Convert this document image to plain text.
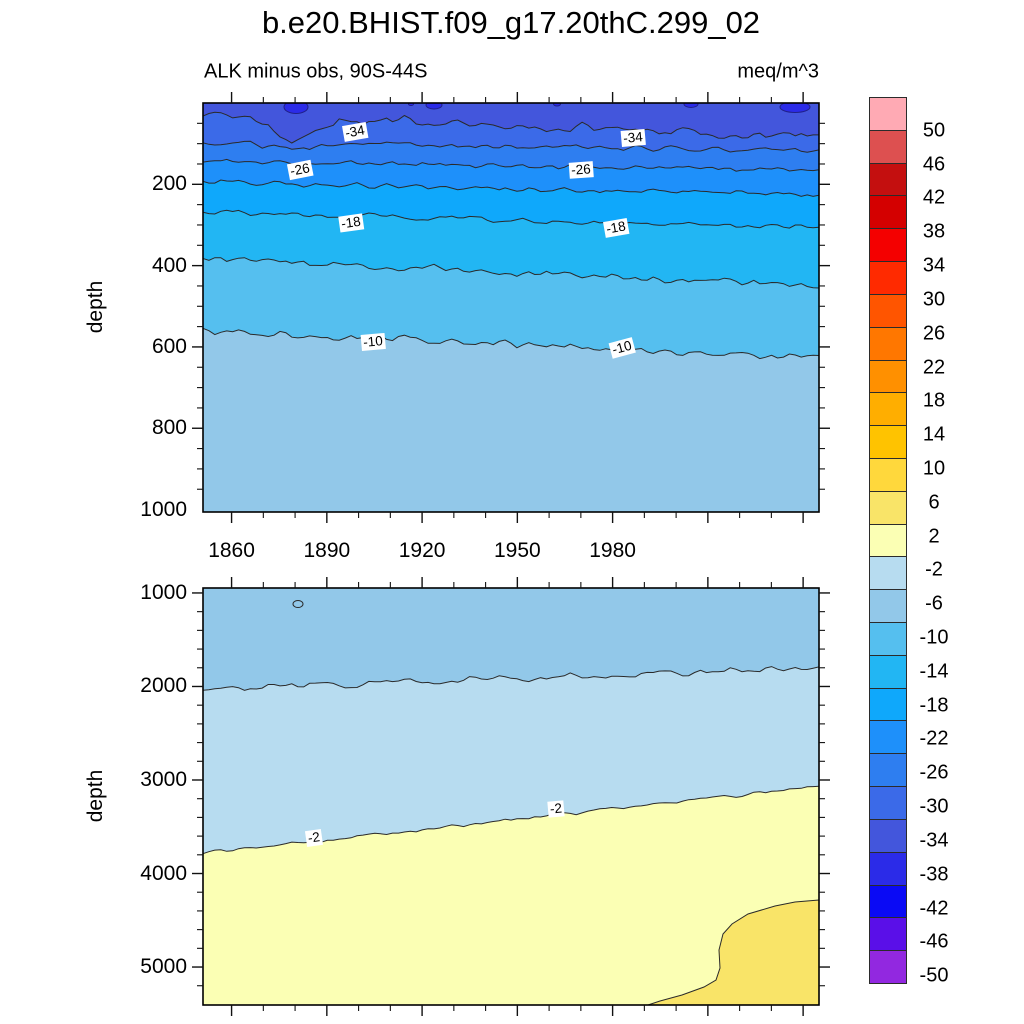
b.e20.BHIST.f09_g17.20thC.299_02
ALK minus obs, 90S-44S	meq/m^3
depth
depth
1860 1890 1920 1950 1980
200
400
600
800
1000
-34	-34
-26	-26
-18	-18
-10	-10
1000
2000
3000
4000
5000
-2
-2
50
46
42
38
34
30
26
22
18
14
10
6
2
-2
-6
-10
-14
-18
-22
-26
-30
-34
-38
-42
-46
-50
